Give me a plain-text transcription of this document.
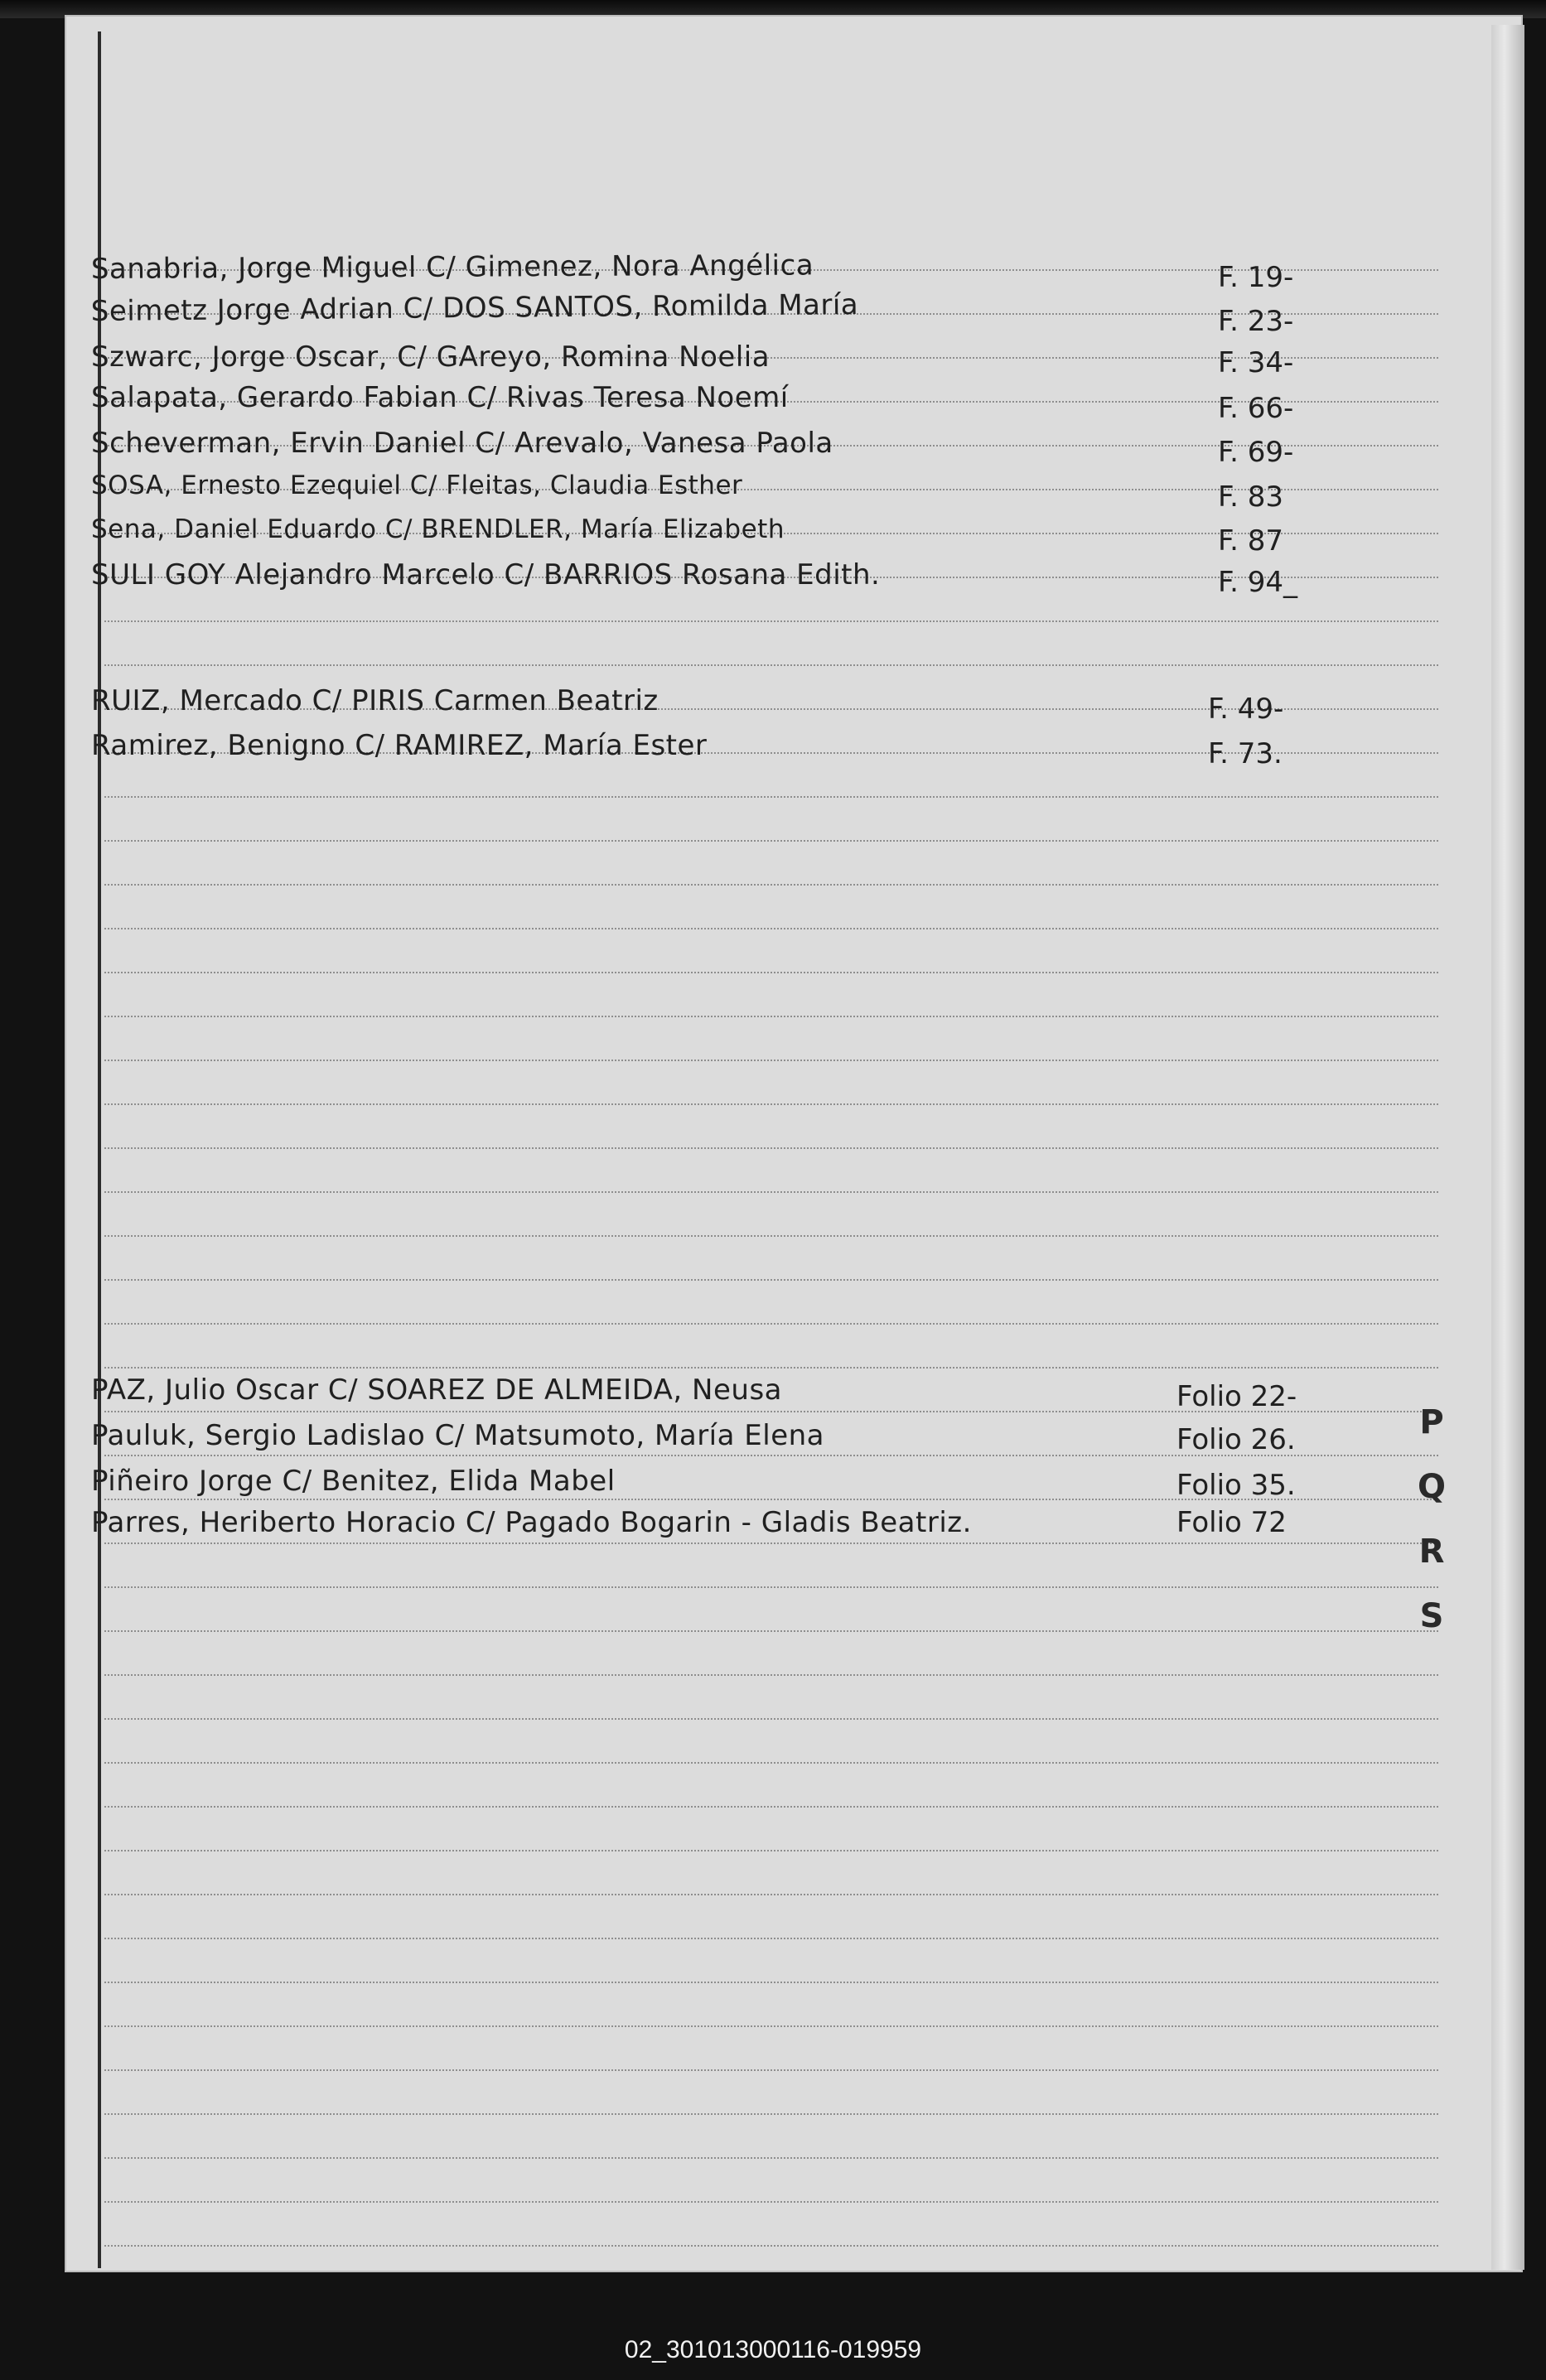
Sanabria, Jorge Miguel C/ Gimenez, Nora Angélica	F. 19-
Seimetz Jorge Adrian C/ DOS SANTOS, Romilda María	F. 23-
Szwarc, Jorge Oscar, C/ GAreyo, Romina Noelia	F. 34-
Salapata, Gerardo Fabian C/ Rivas Teresa Noemí	F. 66-
Scheverman, Ervin Daniel C/ Arevalo, Vanesa Paola	F. 69-
SOSA, Ernesto Ezequiel C/ Fleitas, Claudia Esther	F. 83
Sena, Daniel Eduardo C/ BRENDLER, María Elizabeth	F. 87
SULI GOY Alejandro Marcelo C/ BARRIOS Rosana Edith.	F. 94_
RUIZ, Mercado C/ PIRIS Carmen Beatriz	F. 49-
Ramirez, Benigno C/ RAMIREZ, María Ester	F. 73.
PAZ, Julio Oscar C/ SOAREZ DE ALMEIDA, Neusa	Folio 22-
Pauluk, Sergio Ladislao C/ Matsumoto, María Elena	Folio 26.
Piñeiro Jorge C/ Benitez, Elida Mabel	Folio 35.
Parres, Heriberto Horacio C/ Pagado Bogarin - Gladis Beatriz.	Folio 72
P
Q
R
S
02_301013000116-019959
